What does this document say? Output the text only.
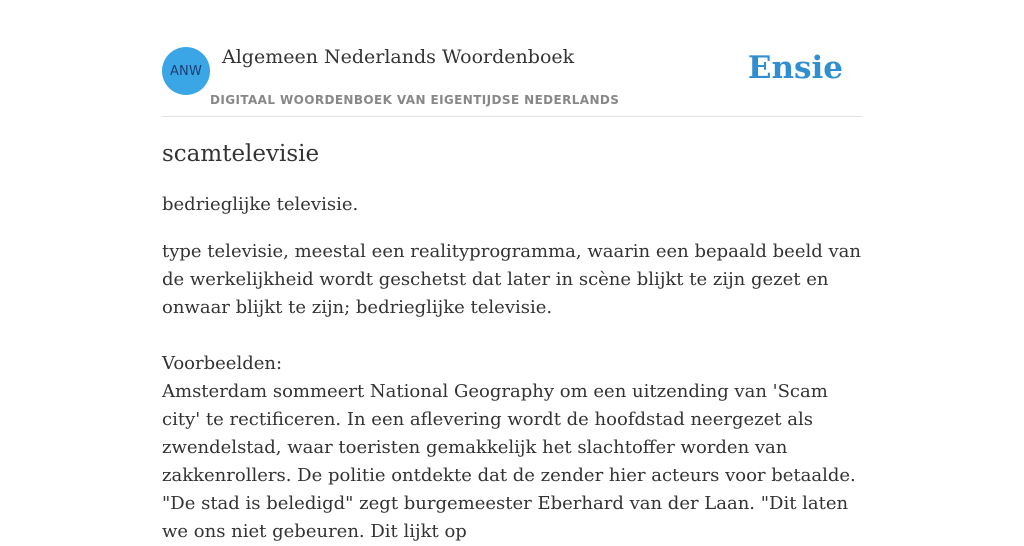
ANW
Algemeen Nederlands Woordenboek
DIGITAAL WOORDENBOEK VAN EIGENTIJDSE NEDERLANDS
Ensie
scamtelevisie

bedrieglijke televisie.

type televisie, meestal een realityprogramma, waarin een bepaald beeld van de werkelijkheid wordt geschetst dat later in scène blijkt te zijn gezet en onwaar blijkt te zijn; bedrieglijke televisie.

Voorbeelden:

Amsterdam sommeert National Geography om een uitzending van 'Scam city' te rectificeren. In een aflevering wordt de hoofdstad neergezet als zwendelstad, waar toeristen gemakkelijk het slachtoffer worden van zakkenrollers. De politie ontdekte dat de zender hier acteurs voor betaalde. "De stad is beledigd" zegt burgemeester Eberhard van der Laan. "Dit laten we ons niet gebeuren. Dit lijkt op
